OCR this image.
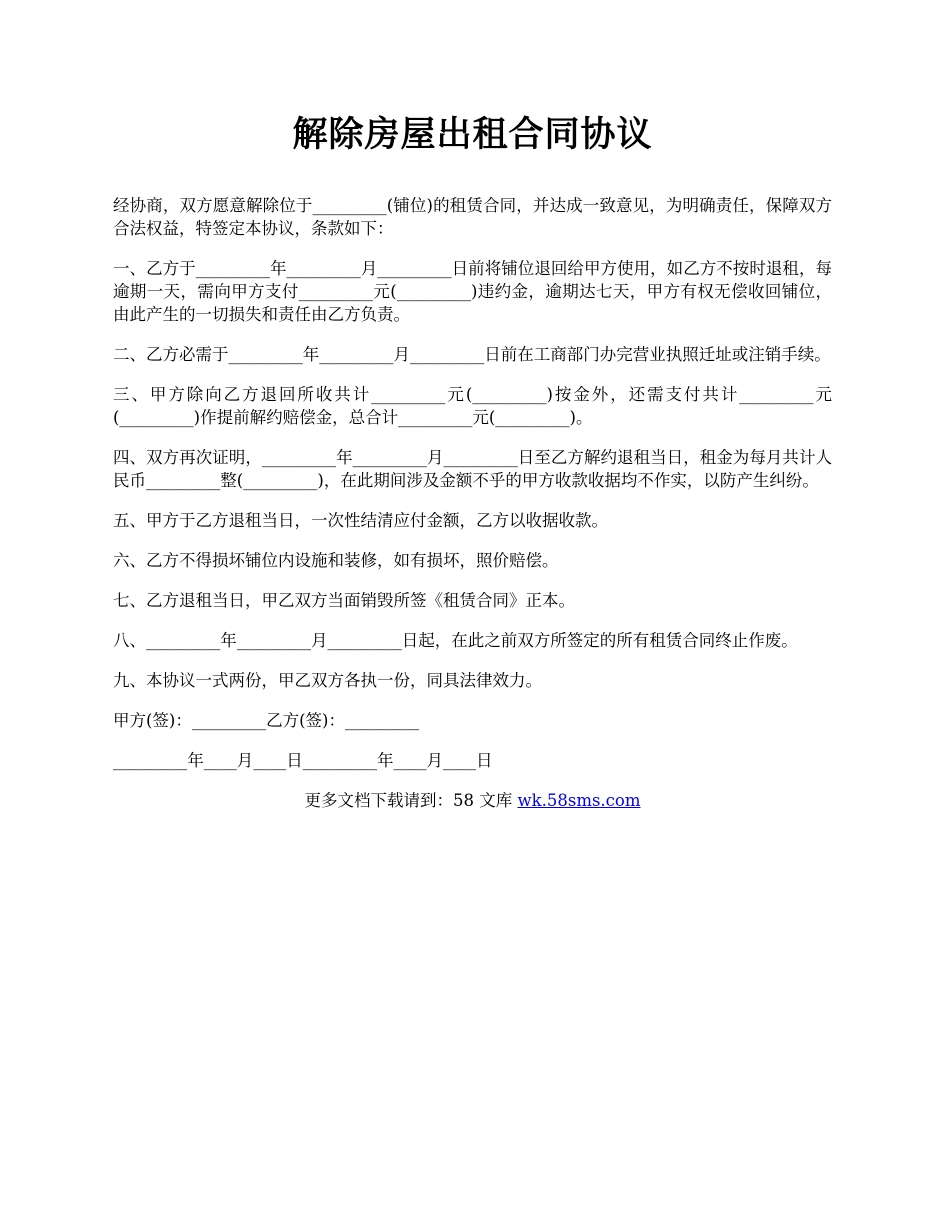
解除房屋出租合同协议

经协商，双方愿意解除位于_________(铺位)的租赁合同，并达成一致意见，为明确责任，保障双方合法权益，特签定本协议，条款如下：

一、乙方于_________年_________月_________日前将铺位退回给甲方使用，如乙方不按时退租，每逾期一天，需向甲方支付_________元(_________)违约金，逾期达七天，甲方有权无偿收回铺位，由此产生的一切损失和责任由乙方负责。

二、乙方必需于_________年_________月_________日前在工商部门办完营业执照迁址或注销手续。

三、甲方除向乙方退回所收共计_________元(_________)按金外，还需支付共计_________元(_________)作提前解约赔偿金，总合计_________元(_________)。

四、双方再次证明，_________年_________月_________日至乙方解约退租当日，租金为每月共计人民币_________整(_________)，在此期间涉及金额不乎的甲方收款收据均不作实，以防产生纠纷。

五、甲方于乙方退租当日，一次性结清应付金额，乙方以收据收款。

六、乙方不得损坏铺位内设施和装修，如有损坏，照价赔偿。

七、乙方退租当日，甲乙双方当面销毁所签《租赁合同》正本。

八、_________年_________月_________日起，在此之前双方所签定的所有租赁合同终止作废。

九、本协议一式两份，甲乙双方各执一份，同具法律效力。

甲方(签)：_________乙方(签)：_________

_________年____月____日_________年____月____日

更多文档下载请到：58 文库 wk.58sms.com
